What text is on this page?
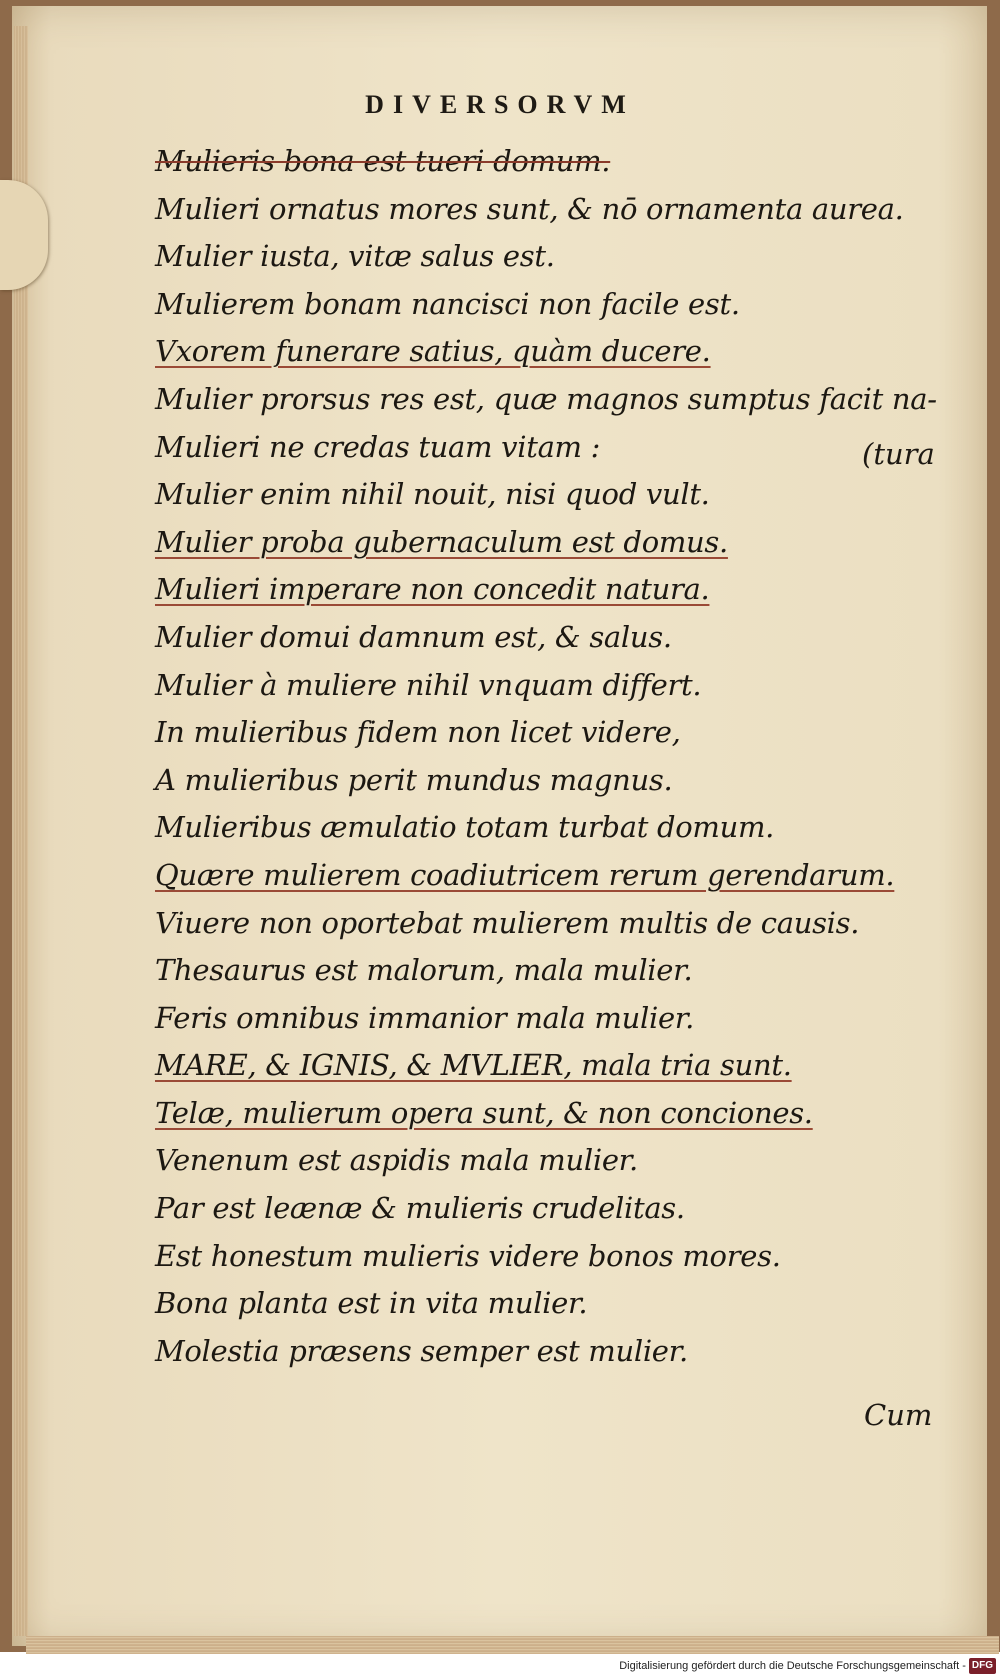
DIVERSORVM
Mulieris bona est tueri domum.
Mulieri ornatus mores sunt, & nō ornamenta aurea.
Mulier iusta, vitæ salus est.
Mulierem bonam nancisci non facile est.
Vxorem funerare satius, quàm ducere.
Mulier prorsus res est, quæ magnos sumptus facit na-
Mulieri ne credas tuam vitam :
Mulier enim nihil nouit, nisi quod vult.
Mulier proba gubernaculum est domus.
Mulieri imperare non concedit natura.
Mulier domui damnum est, & salus.
Mulier à muliere nihil vnquam differt.
In mulieribus fidem non licet videre,
A mulieribus perit mundus magnus.
Mulieribus æmulatio totam turbat domum.
Quære mulierem coadiutricem rerum gerendarum.
Viuere non oportebat mulierem multis de causis.
Thesaurus est malorum, mala mulier.
Feris omnibus immanior mala mulier.
MARE, & IGNIS, & MVLIER, mala tria sunt.
Telæ, mulierum opera sunt, & non conciones.
Venenum est aspidis mala mulier.
Par est leænæ & mulieris crudelitas.
Est honestum mulieris videre bonos mores.
Bona planta est in vita mulier.
Molestia præsens semper est mulier.
(tura
Cum
Digitalisierung gefördert durch die Deutsche Forschungsgemeinschaft - DFG
